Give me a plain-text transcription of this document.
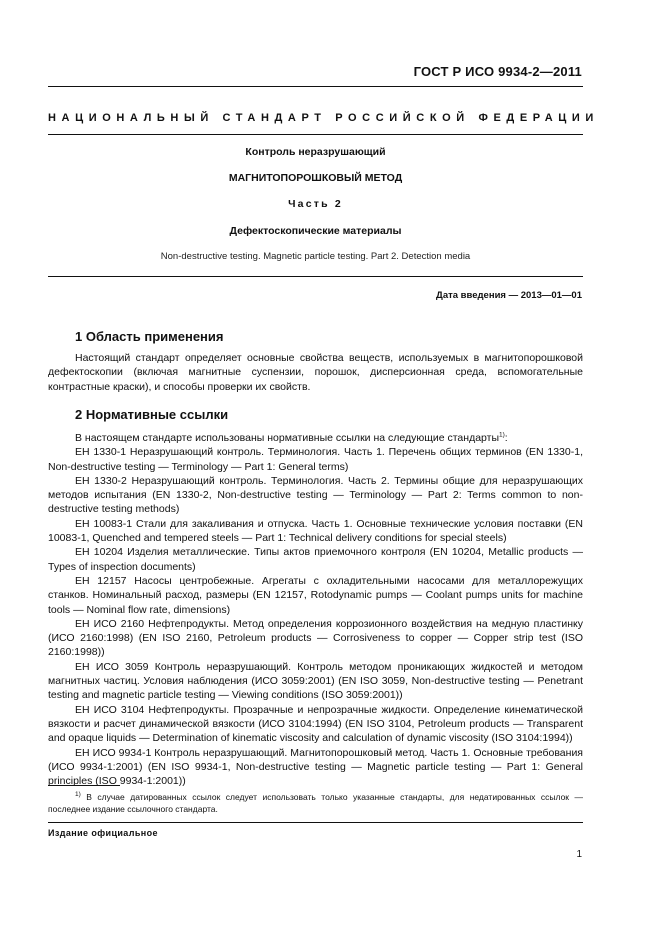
ГОСТ Р ИСО 9934-2—2011
НАЦИОНАЛЬНЫЙ СТАНДАРТ РОССИЙСКОЙ ФЕДЕРАЦИИ
Контроль неразрушающий
МАГНИТОПОРОШКОВЫЙ МЕТОД
Часть 2
Дефектоскопические материалы
Non-destructive testing. Magnetic particle testing. Part 2. Detection media
Дата введения — 2013—01—01
1 Область применения

Настоящий стандарт определяет основные свойства веществ, используемых в магнитопорошковой дефектоскопии (включая магнитные суспензии, порошок, дисперсионная среда, вспомогательные контрастные краски), и способы проверки их свойств.

2 Нормативные ссылки

В настоящем стандарте использованы нормативные ссылки на следующие стандарты$^{1)}$:

ЕН 1330-1 Неразрушающий контроль. Терминология. Часть 1. Перечень общих терминов (EN 1330-1, Non-destructive testing — Terminology — Part 1: General terms)

ЕН 1330-2 Неразрушающий контроль. Терминология. Часть 2. Термины общие для неразрушающих методов испытания (EN 1330-2, Non-destructive testing — Terminology — Part 2: Terms common to non-destructive testing methods)

ЕН 10083-1 Стали для закаливания и отпуска. Часть 1. Основные технические условия поставки (EN 10083-1, Quenched and tempered steels — Part 1: Technical delivery conditions for special steels)

ЕН 10204 Изделия металлические. Типы актов приемочного контроля (EN 10204, Metallic products — Types of inspection documents)

ЕН 12157 Насосы центробежные. Агрегаты с охладительными насосами для металлорежущих станков. Номинальный расход, размеры (EN 12157, Rotodynamic pumps — Coolant pumps units for machine tools — Nominal flow rate, dimensions)

ЕН ИСО 2160 Нефтепродукты. Метод определения коррозионного воздействия на медную пластинку (ИСО 2160:1998) (EN ISO 2160, Petroleum products — Corrosiveness to copper — Copper strip test (ISO 2160:1998))

ЕН ИСО 3059 Контроль неразрушающий. Контроль методом проникающих жидкостей и методом магнитных частиц. Условия наблюдения (ИСО 3059:2001) (EN ISO 3059, Non-destructive testing — Penetrant testing and magnetic particle testing — Viewing conditions (ISO 3059:2001))

ЕН ИСО 3104 Нефтепродукты. Прозрачные и непрозрачные жидкости. Определение кинематической вязкости и расчет динамической вязкости (ИСО 3104:1994) (EN ISO 3104, Petroleum products — Transparent and opaque liquids — Determination of kinematic viscosity and calculation of dynamic viscosity (ISO 3104:1994))

ЕН ИСО 9934-1 Контроль неразрушающий. Магнитопорошковый метод. Часть 1. Основные требования (ИСО 9934-1:2001) (EN ISO 9934-1, Non-destructive testing — Magnetic particle testing — Part 1: General principles (ISO 9934-1:2001))

$^{1)}$ В случае датированных ссылок следует использовать только указанные стандарты, для недатированных ссылок — последнее издание ссылочного стандарта.

Издание официальное
1
